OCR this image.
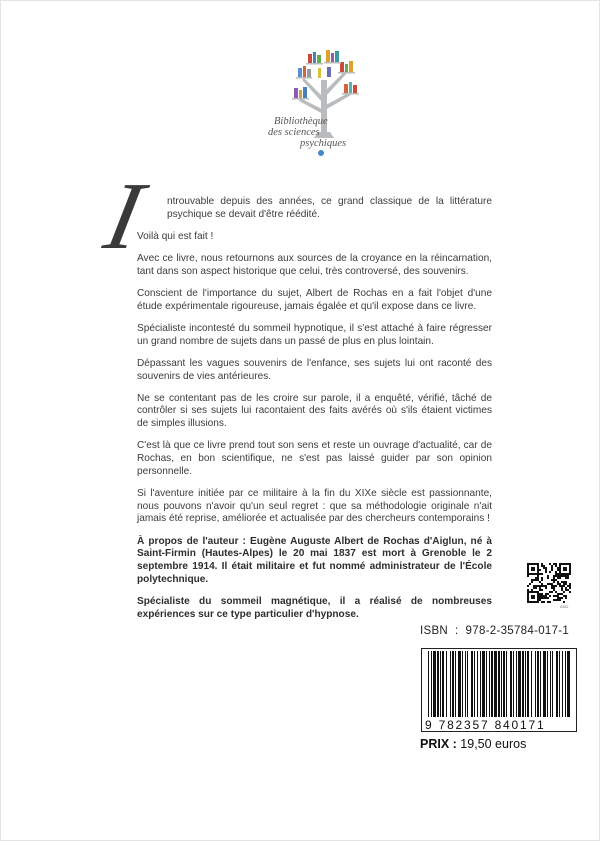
Bibliothèque
des sciences
psychiques
I ntrouvable depuis des années, ce grand classique de la littérature psychique se devait d'être réédité.

Voilà qui est fait !

Avec ce livre, nous retournons aux sources de la croyance en la réincarnation, tant dans son aspect historique que celui, très controversé, des souvenirs.

Conscient de l'importance du sujet, Albert de Rochas en a fait l'objet d'une étude expérimentale rigoureuse, jamais égalée et qu'il expose dans ce livre.

Spécialiste incontesté du sommeil hypnotique, il s'est attaché à faire régresser un grand nombre de sujets dans un passé de plus en plus lointain.

Dépassant les vagues souvenirs de l'enfance, ses sujets lui ont raconté des souvenirs de vies antérieures.

Ne se contentant pas de les croire sur parole, il a enquêté, vérifié, tâché de contrôler si ses sujets lui racontaient des faits avérés où s'ils étaient victimes de simples illusions.

C'est là que ce livre prend tout son sens et reste un ouvrage d'actualité, car de Rochas, en bon scientifique, ne s'est pas laissé guider par son opinion personnelle.

Si l'aventure initiée par ce militaire à la fin du XIXe siècle est passionnante, nous pouvons n'avoir qu'un seul regret : que sa méthodologie originale n'ait jamais été reprise, améliorée et actualisée par des chercheurs contemporains !

À propos de l'auteur : Eugène Auguste Albert de Rochas d'Aiglun, né à Saint-Firmin (Hautes-Alpes) le 20 mai 1837 est mort à Grenoble le 2 septembre 1914. Il était militaire et fut nommé administrateur de l'École polytechnique.

Spécialiste du sommeil magnétique, il a réalisé de nombreuses expériences sur ce type particulier d'hypnose.

AND
ISBN : 978-2-35784-017-1
9 782357 840171
PRIX : 19,50 euros
